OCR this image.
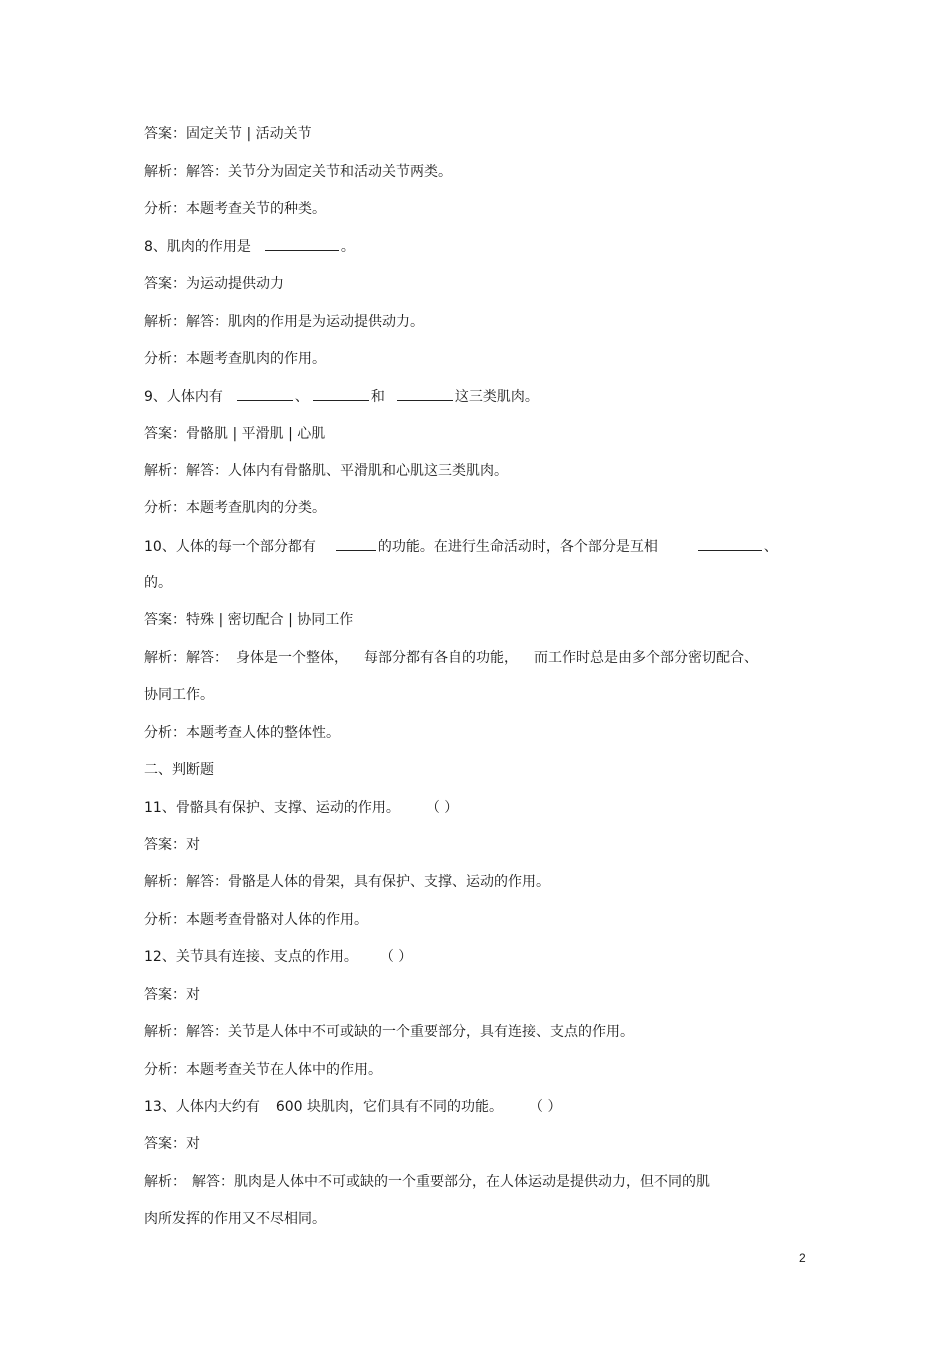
答案：固定关节 | 活动关节
解析：解答：关节分为固定关节和活动关节两类。
分析：本题考查关节的种类。
8、肌肉的作用是	。
答案：为运动提供动力
解析：解答：肌肉的作用是为运动提供动力。
分析：本题考查肌肉的作用。
9、人体内有	、	和	这三类肌肉。
答案：骨骼肌 | 平滑肌 | 心肌
解析：解答：人体内有骨骼肌、平滑肌和心肌这三类肌肉。
分析：本题考查肌肉的分类。
10、人体的每一个部分都有	的功能。在进行生命活动时，各个部分是互相	、
的。
答案：特殊 | 密切配合 | 协同工作
解析：解答： 身体是一个整体， 每部分都有各自的功能， 而工作时总是由多个部分密切配合、
协同工作。
分析：本题考查人体的整体性。
二、判断题
11、骨骼具有保护、支撑、运动的作用。 （ ）
答案：对
解析：解答：骨骼是人体的骨架，具有保护、支撑、运动的作用。
分析：本题考查骨骼对人体的作用。
12、关节具有连接、支点的作用。 （ ）
答案：对
解析：解答：关节是人体中不可或缺的一个重要部分，具有连接、支点的作用。
分析：本题考查关节在人体中的作用。
13、人体内大约有 600 块肌肉，它们具有不同的功能。 （ ）
答案：对
解析： 解答：肌肉是人体中不可或缺的一个重要部分，在人体运动是提供动力，但不同的肌
肉所发挥的作用又不尽相同。
2
